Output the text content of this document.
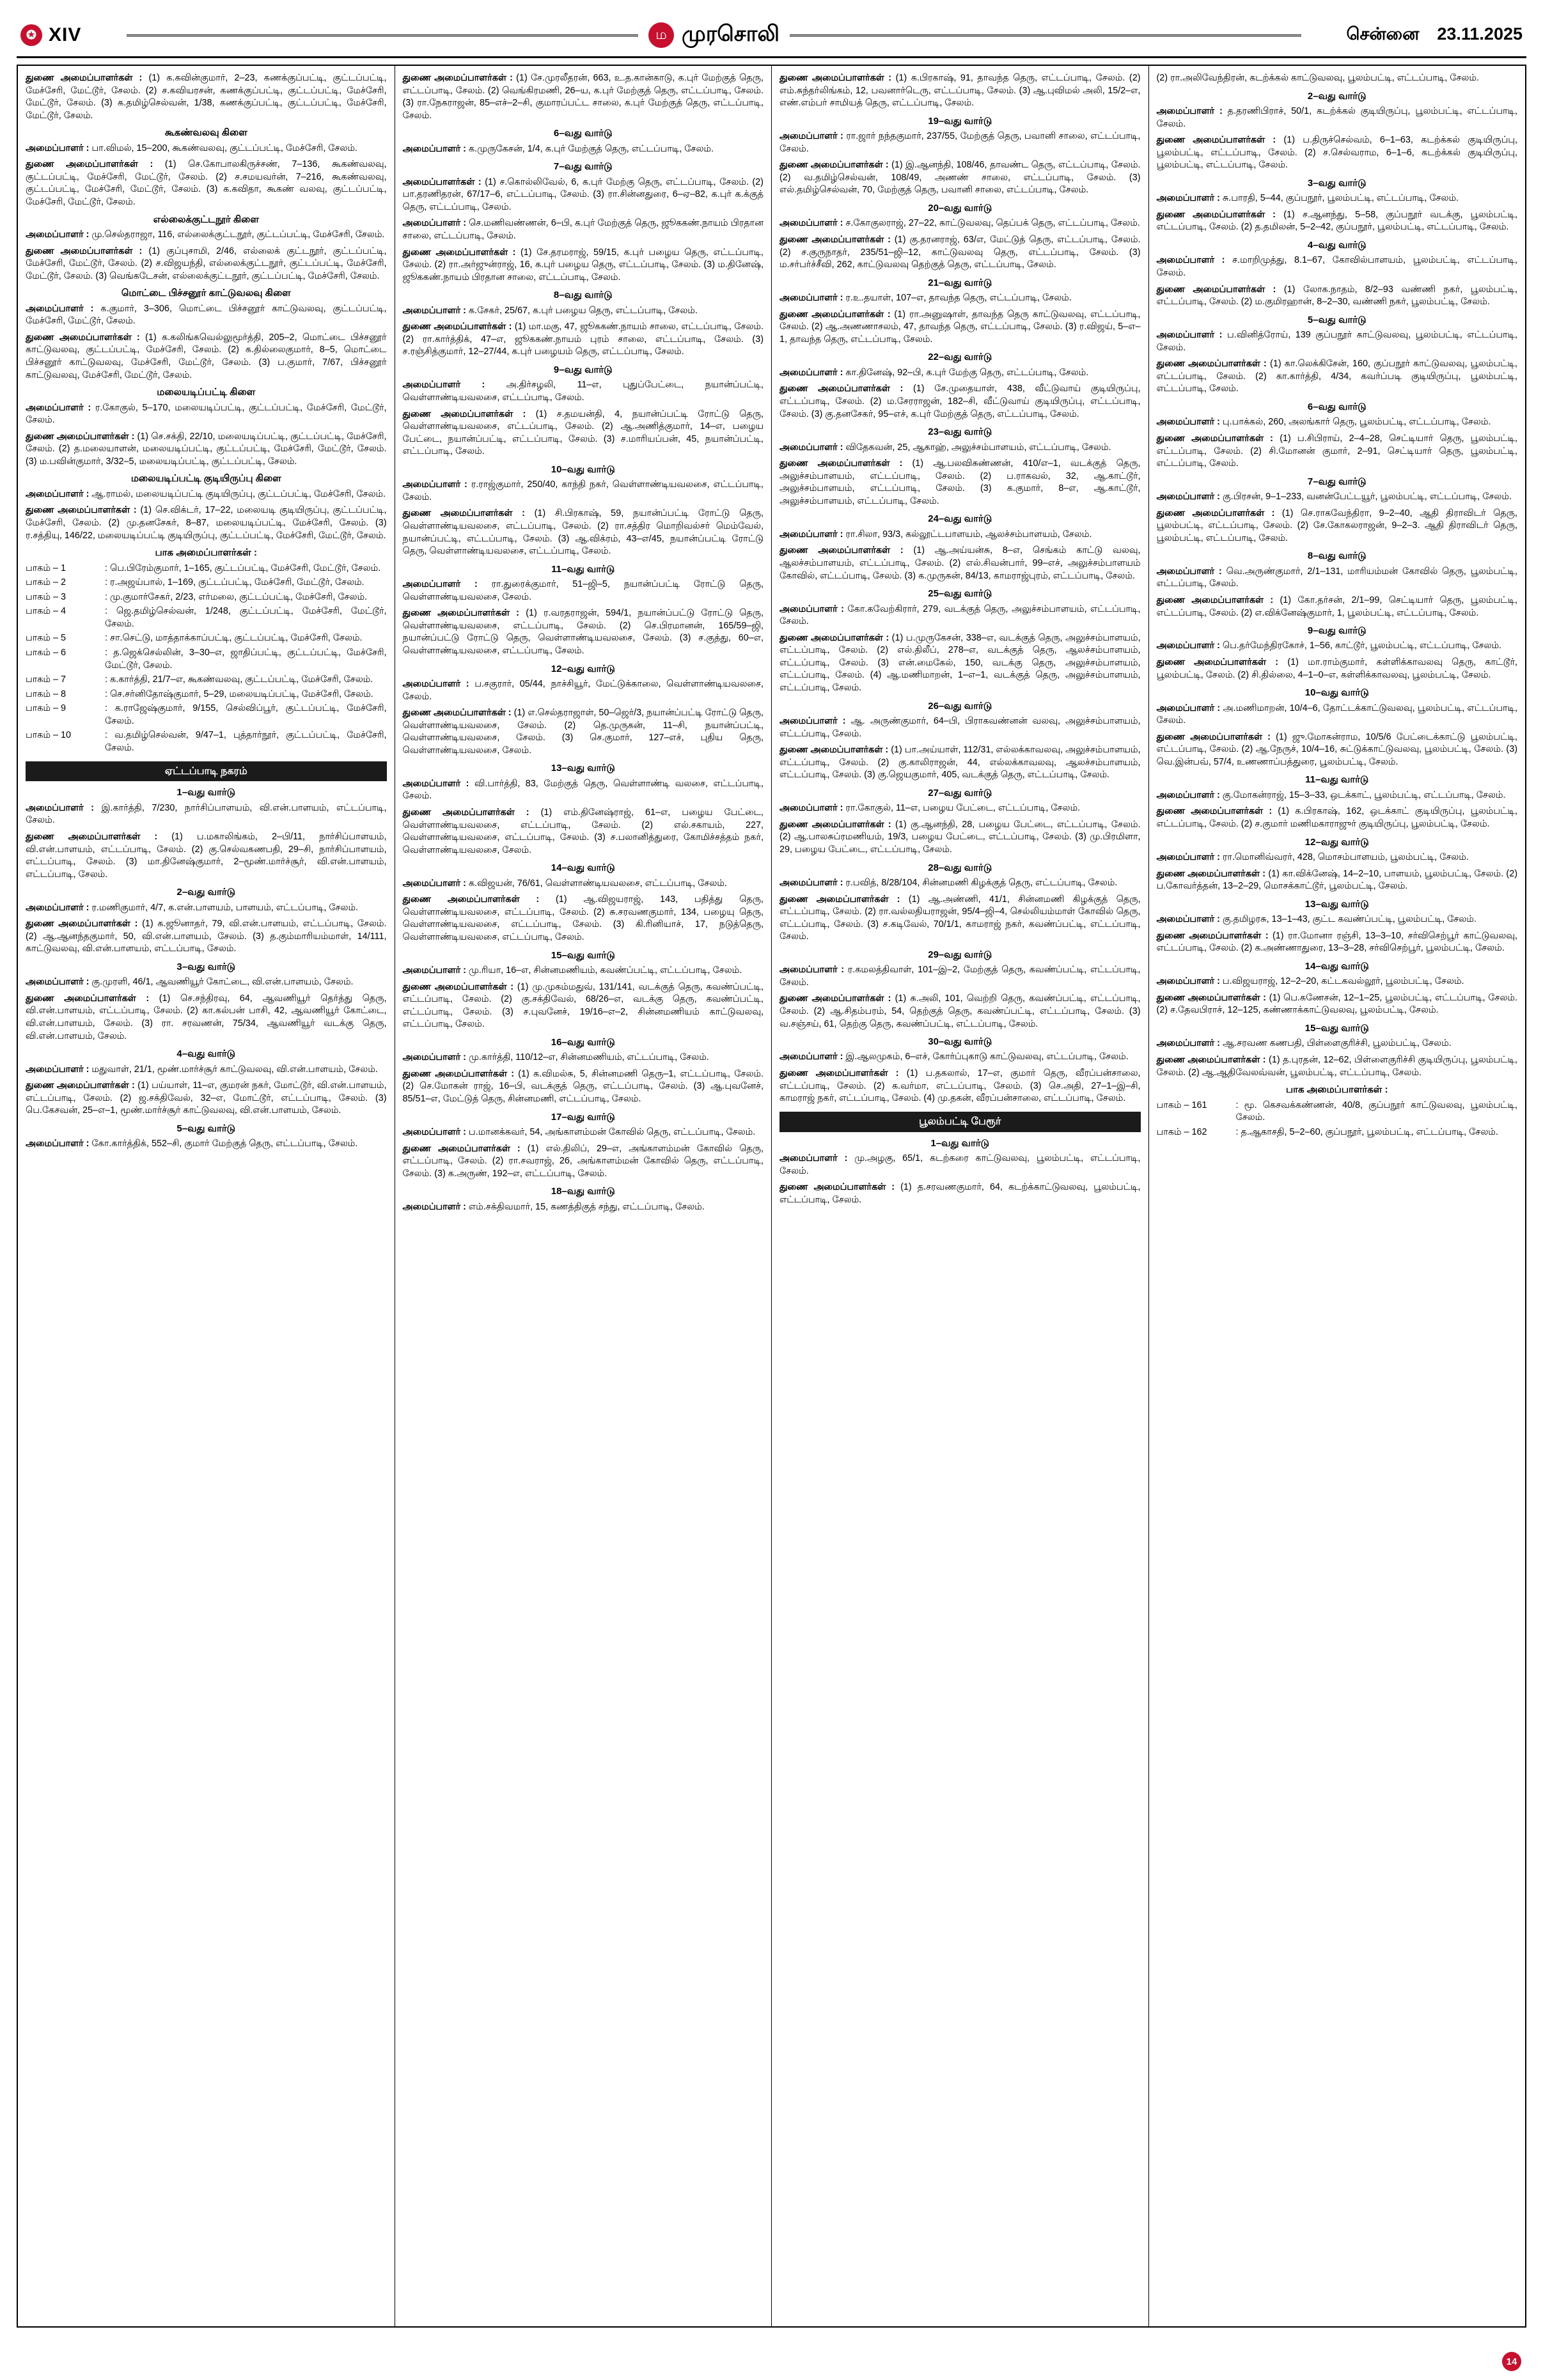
✪ XIV	ம முரசொலி	சென்னை 23.11.2025

துணை அமைப்பாளர்கள் : (1) க.கவின்குமார், 2–23, கணக்குப்பட்டி, குட்டப்பட்டி, மேச்சேரி, மேட்டூர், சேலம். (2) ச.கவியரசன், கணக்குப்பட்டி, குட்டப்பட்டி, மேச்சேரி, மேட்டூர், சேலம். (3) க.தமிழ்செல்வன், 1/38, கணக்குப்பட்டி, குட்டப்பட்டி, மேச்சேரி, மேட்டூர், சேலம்.

கூகண்வலவு கிளை

அமைப்பாளர் : பா.விமல், 15–200, கூகண்வலவு, குட்டப்பட்டி, மேச்சேரி, சேலம்.

துணை அமைப்பாளர்கள் : (1) செ.கோபாலகிருச்சண், 7–136, கூகண்வலவு, குட்டப்பட்டி, மேச்சேரி, மேட்டூர், சேலம். (2) ச.சமயவர்ன், 7–216, கூகண்வலவு, குட்டப்பட்டி, மேச்சேரி, மேட்டூர், சேலம். (3) க.கவிதா, கூகண் வலவு, குட்டப்பட்டி, மேச்சேரி, மேட்டூர், சேலம்.

எல்லைக்குட்டநூர் கிளை

அமைப்பாளர் : மு.செல்தராஜா, 116, எல்லைக்குட்டநூர், குட்டப்பட்டி, மேச்சேரி, சேலம்.

துணை அமைப்பாளர்கள் : (1) குப்புசாமி, 2/46, எல்லைக் குட்டநூர், குட்டப்பட்டி, மேச்சேரி, மேட்டூர், சேலம். (2) ச.விஜயந்தி, எல்லைக்குட்டநூர், குட்டப்பட்டி, மேச்சேரி, மேட்டூர், சேலம். (3) வெங்கடேசன், எல்லைக்குட்டநூர், குட்டப்பட்டி, மேச்சேரி, சேலம்.

மொட்டை பிச்சனூர் காட்டுவலவு கிளை

அமைப்பாளர் : க.குமார், 3–306, மொட்டை பிச்சனூர் காட்டுவலவு, குட்டப்பட்டி, மேச்சேரி, மேட்டூர், சேலம்.

துணை அமைப்பாளர்கள் : (1) க.கலிங்கவெல்லுமூர்த்தி, 205–2, மொட்டை பிச்சனூர் காட்டுவலவு, குட்டப்பட்டி, மேச்சேரி, சேலம். (2) க.தில்லைகுமார், 8–5, மொட்டை பிச்சனூர் காட்டுவலவு, மேச்சேரி, மேட்டூர், சேலம். (3) ப.குமார், 7/67, பிச்சனூர் காட்டுவலவு, மேச்சேரி, மேட்டூர், சேலம்.

மலையடிப்பட்டி கிளை

அமைப்பாளர் : ர.கோகுல், 5–170, மலையடிப்பட்டி, குட்டப்பட்டி, மேச்சேரி, மேட்டூர், சேலம்.

துணை அமைப்பாளர்கள் : (1) செ.சக்தி, 22/10, மலையடிப்பட்டி, குட்டப்பட்டி, மேச்சேரி, சேலம். (2) த.மலையாளன், மலையடிப்பட்டி, குட்டப்பட்டி, மேச்சேரி, மேட்டூர், சேலம். (3) ம.பவின்குமார், 3/32–5, மலையடிப்பட்டி, குட்டப்பட்டி, சேலம்.

மலையடிப்பட்டி குடியிருப்பு கிளை

அமைப்பாளர் : ஆ.ராமல், மலையடிப்பட்டி குடியிருப்பு, குட்டப்பட்டி, மேச்சேரி, சேலம்.

துணை அமைப்பாளர்கள் : (1) செ.விக்டர், 17–22, மலையடி குடியிருப்பு, குட்டப்பட்டி, மேச்சேரி, சேலம். (2) மு.தனசேகர், 8–87, மலையடிப்பட்டி, மேச்சேரி, சேலம். (3) ர.சத்தியு, 146/22, மலையடிப்பட்டி குடியிருப்பு, குட்டப்பட்டி, மேச்சேரி, மேட்டூர், சேலம்.

பாக அமைப்பாளர்கள் :
பாகம் – 1	: பெ.பிரேம்குமார், 1–165, குட்டப்பட்டி, மேச்சேரி, மேட்டூர், சேலம்.
பாகம் – 2	: ர.அஜய்பால், 1–169, குட்டப்பட்டி, மேச்சேரி, மேட்டூர், சேலம்.
பாகம் – 3	: மு.குமார்சேகர், 2/23, எர்மலை, குட்டப்பட்டி, மேச்சேரி, சேலம்.
பாகம் – 4	: ஜெ.தமிழ்செல்வன், 1/248, குட்டப்பட்டி, மேச்சேரி, மேட்டூர், சேலம்.
பாகம் – 5	: சா.செட்டு, மாத்தாக்காப்பட்டி, குட்டப்பட்டி, மேச்சேரி, சேலம்.
பாகம் – 6	: த.ஜெக்செல்லின், 3–30–எ, ஜாதிப்பட்டி, குட்டப்பட்டி, மேச்சேரி, மேட்டூர், சேலம்.
பாகம் – 7	: க.கார்த்தி, 21/7–எ, கூகண்வலவு, குட்டப்பட்டி, மேச்சேரி, சேலம்.
பாகம் – 8	: செ.சர்னிதோஷ்குமார், 5–29, மலையடிப்பட்டி, மேச்சேரி, சேலம்.
பாகம் – 9	: க.ராஜேஷ்குமார், 9/155, செல்விப்பூர், குட்டப்பட்டி, மேச்சேரி, சேலம்.
பாகம் – 10	: வ.தமிழ்செல்வன், 9/47–1, புத்தார்நூர், குட்டப்பட்டி, மேச்சேரி, சேலம்.
ஏட்டப்பாடி நகரம்
1–வது வார்டு

அமைப்பாளர் : இ.கார்த்தி, 7/230, நார்சிப்பாளயம், வி.என்.பாளயம், எட்டப்பாடி, சேலம்.

துணை அமைப்பாளர்கள் : (1) ப.மகாலிங்கம், 2–பி/11, நார்சிப்பாளயம், வி.என்.பாளயம், எட்டப்பாடி, சேலம். (2) கு.செல்வகணபதி, 29–சி, நார்சிப்பாளயம், எட்டப்பாடி, சேலம். (3) மா.தினேஷ்குமார், 2–மூண்.மார்ச்சூர், வி.என்.பாளயம், எட்டப்பாடி, சேலம்.

2–வது வார்டு

அமைப்பாளர் : ர.மணிகுமார், 4/7, க.என்.பாளயம், பாளயம், எட்டப்பாடி, சேலம்.

துணை அமைப்பாளர்கள் : (1) க.ஜூனாதர், 79, வி.என்.பாளயம், எட்டப்பாடி, சேலம். (2) ஆ.ஆனந்தகுமார், 50, வி.என்.பாளயம், சேலம். (3) த.கும்மாரியம்மாள், 14/111, காட்டுவலவு, வி.என்.பாளயம், எட்டப்பாடி, சேலம்.

3–வது வார்டு

அமைப்பாளர் : கு.முரளி, 46/1, ஆவணியூர் கோட்டை, வி.என்.பாளயம், சேலம்.

துணை அமைப்பாளர்கள் : (1) செ.சந்திரவு, 64, ஆவணியூர் தெர்த்து தெரு, வி.என்.பாளயம், எட்டப்பாடி, சேலம். (2) கா.கல்பன் பாசி, 42, ஆவணியூர் கோட்டை, வி.என்.பாளயம், சேலம். (3) ரா. சரவணன், 75/34, ஆவணியூர் வடக்கு தெரு, வி.என்.பாளயம், சேலம்.

4–வது வார்டு

அமைப்பாளர் : மதுவாள், 21/1, மூண்.மார்ச்சூர் காட்டுவலவு, வி.என்.பாளயம், சேலம்.

துணை அமைப்பாளர்கள் : (1) பய்யாள், 11–எ, குமரன் நகர், மோட்டூர், வி.என்.பாளயம், எட்டப்பாடி, சேலம். (2) ஜ.சக்திவேல், 32–எ, மோட்டூர், எட்டப்பாடி, சேலம். (3) பெ.கேசவன், 25–எ–1, மூண்.மார்ச்சூர் காட்டுவலவு, வி.என்.பாளயம், சேலம்.

5–வது வார்டு

அமைப்பாளர் : கோ.கார்த்திக், 552–சி, குமார் மேற்குத் தெரு, எட்டப்பாடி, சேலம்.

துணை அமைப்பாளர்கள் : (1) சே.முரலீதரன், 663, உ.த.கான்காடு, க.புர் மேற்குத் தெரு, எட்டப்பாடி, சேலம். (2) வெங்கிரமணி, 26–ய, க.புர் மேற்குத் தெரு, எட்டப்பாடி, சேலம். (3) ரா.நேகராஜன், 85–எச்–2–சி, குமாரப்பட்ட சாலை, க.புர் மேற்குத் தெரு, எட்டப்பாடி, சேலம்.

6–வது வார்டு

அமைப்பாளர் : க.முருகேசன், 1/4, க.புர் மேற்குத் தெரு, எட்டப்பாடி, சேலம்.

7–வது வார்டு

அமைப்பாளர்கள் : (1) ச.கொல்லிவேல், 6, க.புர் மேற்கு தெரு, எட்டப்பாடி, சேலம். (2) பா.தரணிதரன், 67/17–6, எட்டப்பாடி, சேலம். (3) ரா.சின்னதுரை, 6–ஏ–82, க.புர் க.க்குத் தெரு, எட்டப்பாடி, சேலம்.

அமைப்பாளர் : செ.மணிவண்ணன், 6–பி, க.புர் மேற்குத் தெரு, ஜூககண்.நாயம் பிரதான சாலை, எட்டப்பாடி, சேலம்.

துணை அமைப்பாளர்கள் : (1) சே.தரமராஜ், 59/15, க.புர் பழைய தெரு, எட்டப்பாடி, சேலம். (2) ரா.அர்ஜுன்ராஜ், 16, க.புர் பழைய தெரு, எட்டப்பாடி, சேலம். (3) ம.தினேஷ், ஜூககண்.நாயம் பிரதான சாலை, எட்டப்பாடி, சேலம்.

8–வது வார்டு

அமைப்பாளர் : க.சேகர், 25/67, க.புர் பழைய தெரு, எட்டப்பாடி, சேலம்.

துணை அமைப்பாளர்கள் : (1) மா.மகு, 47, ஜூககண்.நாயம் சாலை, எட்டப்பாடி, சேலம். (2) ரா.கார்த்திக், 47–எ, ஜூககண்.நாயம் புரம் சாலை, எட்டப்பாடி, சேலம். (3) ச.ரஞ்சித்குமார், 12–27/44, க.புர் பழையம் தெரு, எட்டப்பாடி, சேலம்.

9–வது வார்டு

அமைப்பாளர் : அ.திர்சழலி, 11–எ, புதுப்பேட்டை, நயான்ப்பட்டி, வெள்ளாண்டியவலசை, எட்டப்பாடி, சேலம்.

துணை அமைப்பாளர்கள் : (1) ச.தமயன்தி, 4, நயான்ப்பட்டி ரோட்டு தெரு, வெள்ளாண்டியவலசை, எட்டப்பாடி, சேலம். (2) ஆ.அணித்குமார், 14–எ, பழைய பேட்டை, நயான்ப்பட்டி, எட்டப்பாடி, சேலம். (3) ச.மாரியப்பன், 45, நயான்ப்பட்டி, எட்டப்பாடி, சேலம்.

10–வது வார்டு

அமைப்பாளர் : ர.ராஜ்குமார், 250/40, காந்தி நகர், வெள்ளாண்டியவலசை, எட்டப்பாடி, சேலம்.

துணை அமைப்பாளர்கள் : (1) சி.பிரகாஷ், 59, நயான்ப்பட்டி ரோட்டு தெரு, வெள்ளாண்டியவலசை, எட்டப்பாடி, சேலம். (2) ரா.சத்திர மொறிவல்சர் மெம்வேல், நயான்ப்பட்டி, எட்டப்பாடி, சேலம். (3) ஆ.விக்ரம், 43–எ/45, நயான்ப்பட்டி ரோட்டு தெரு, வெள்ளாண்டியவலசை, எட்டப்பாடி, சேலம்.

11–வது வார்டு

அமைப்பாளர் : ரா.துரைக்குமார், 51–ஜி–5, நயான்ப்பட்டி ரோட்டு தெரு, வெள்ளாண்டியவலசை, சேலம்.

துணை அமைப்பாளர்கள் : (1) ர.வரதராஜன், 594/1, நயான்ப்பட்டு ரோட்டு தெரு, வெள்ளாண்டியவலசை, எட்டப்பாடி, சேலம். (2) செ.பிரமானன், 165/59–ஜி, நயான்ப்பட்டு ரோட்டு தெரு, வெள்ளாண்டியவலசை, சேலம். (3) ச.குத்து, 60–எ, வெள்ளாண்டியவலசை, எட்டப்பாடி, சேலம்.

12–வது வார்டு

அமைப்பாளர் : ப.சகுரார், 05/44, நாச்சியூர், மேட்டுக்காலை, வெள்ளாண்டியவலசை, சேலம்.

துணை அமைப்பாளர்கள் : (1) எ.செல்தராஜாள், 50–ஜெர்/3, நயான்ப்பட்டி ரோட்டு தெரு, வெள்ளாண்டியவலசை, சேலம். (2) தெ.முருகன், 11–சி, நயான்ப்பட்டி, வெள்ளாண்டியவலசை, சேலம். (3) செ.குமார், 127–எச், புதிய தெரு, வெள்ளாண்டியவலசை, சேலம்.

13–வது வார்டு

அமைப்பாளர் : வி.பார்த்தி, 83, மேற்குத் தெரு, வெள்ளாண்டி வலசை, எட்டப்பாடி, சேலம்.

துணை அமைப்பாளர்கள் : (1) எம்.தினேஷ்ராஜ், 61–எ, பழைய பேட்டை, வெள்ளாண்டியவலசை, எட்டப்பாடி, சேலம். (2) எல்.சகாயம், 227, வெள்ளாண்டியவலசை, எட்டப்பாடி, சேலம். (3) ச.பலானித்துரை, கோமிச்சத்தம் நகர், வெள்ளாண்டியவலசை, சேலம்.

14–வது வார்டு

அமைப்பாளர் : க.விஜயன், 76/61, வெள்ளாண்டியவலசை, எட்டப்பாடி, சேலம்.

துணை அமைப்பாளர்கள் : (1) ஆ.விஜயராஜ், 143, பதித்து தெரு, வெள்ளாண்டியவலசை, எட்டப்பாடி, சேலம். (2) சு.சரவணகுமார், 134, பழையு தெரு, வெள்ளாண்டியவலசை, எட்டப்பாடி, சேலம். (3) கி.ரினியாச், 17, நடுத்தெரு, வெள்ளாண்டியவலசை, எட்டப்பாடி, சேலம்.

15–வது வார்டு

அமைப்பாளர் : மு.ரியா, 16–எ, சின்னமணியம், கவண்ப்பட்டி, எட்டப்பாடி, சேலம்.

துணை அமைப்பாளர்கள் : (1) மு.முகம்மதுவ், 131/141, வடக்குத் தெரு, கவண்ப்பட்டி, எட்டப்பாடி, சேலம். (2) கு.சக்திவேல், 68/26–எ, வடக்கு தெரு, கவண்ப்பட்டி, எட்டப்பாடி, சேலம். (3) ச.புவனேச், 19/16–எ–2, சின்னமணியம் காட்டுவலவு, எட்டப்பாடி, சேலம்.

16–வது வார்டு

அமைப்பாளர் : மு.கார்த்தி, 110/12–எ, சின்னமணியம், எட்டப்பாடி, சேலம்.

துணை அமைப்பாளர்கள் : (1) க.விமல்சு, 5, சின்னமணி தெரு–1, எட்டப்பாடி, சேலம். (2) செ.மோகன் ராஜ், 16–பி, வடக்குத் தெரு, எட்டப்பாடி, சேலம். (3) ஆ.புவனேச், 85/51–எ, மேட்டுத் தெரு, சின்னமணி, எட்டப்பாடி, சேலம்.

17–வது வார்டு

அமைப்பாளர் : ப.மானக்கவர், 54, அங்காளம்மன் கோவில் தெரு, எட்டப்பாடி, சேலம்.

துணை அமைப்பாளர்கள் : (1) எல்.திலிப், 29–எ, அங்காளம்மன் கோவில் தெரு, எட்டப்பாடி, சேலம். (2) ரா.சவராஜ், 26, அங்காளம்மன் கோவில் தெரு, எட்டப்பாடி, சேலம். (3) க.அருண், 192–எ, எட்டப்பாடி, சேலம்.

18–வது வார்டு

அமைப்பாளர் : எம்.சக்திவமார், 15, கணத்திகுத் சந்து, எட்டப்பாடி, சேலம்.

துணை அமைப்பாளர்கள் : (1) க.பிரகாஷ், 91, தாவந்த தெரு, எட்டப்பாடி, சேலம். (2) எம்.சுந்தர்லிங்கம், 12, பவனார்டெரு, எட்டப்பாடி, சேலம். (3) ஆ.புவிமல் அலி, 15/2–எ, எண்.எம்பர் சாமியத் தெரு, எட்டப்பாடி, சேலம்.

19–வது வார்டு

அமைப்பாளர் : ரா.ஜார் நந்தகுமார், 237/55, மேற்குத் தெரு, பவானி சாலை, எட்டப்பாடி, சேலம்.

துணை அமைப்பாளர்கள் : (1) இ.ஆனந்தி, 108/46, தாவண்ட தெரு, எட்டப்பாடி, சேலம். (2) வ.தமிழ்செல்வன், 108/49, அணண் சாலை, எட்டப்பாடி, சேலம். (3) எல்.தமிழ்செல்வன், 70, மேற்குத் தெரு, பவானி சாலை, எட்டப்பாடி, சேலம்.

20–வது வார்டு

அமைப்பாளர் : ச.கோகுலராஜ், 27–22, காட்டுவலவு, தெப்பக் தெரு, எட்டப்பாடி, சேலம்.

துணை அமைப்பாளர்கள் : (1) கு.தரனராஜ், 63/எ, மேட்டுத் தெரு, எட்டப்பாடி, சேலம். (2) ச.குருநாதர், 235/51–ஜி–12, காட்டுவலவு தெரு, எட்டப்பாடி, சேலம். (3) ம.சர்பர்ச்சீவி, 262, காட்டுவலவு தெற்குத் தெரு, எட்டப்பாடி, சேலம்.

21–வது வார்டு

அமைப்பாளர் : ர.உ.தயாள், 107–எ, தாவந்த தெரு, எட்டப்பாடி, சேலம்.

துணை அமைப்பாளர்கள் : (1) ரா.அனுஷாள், தாவந்த தெரு காட்டுவலவு, எட்டப்பாடி, சேலம். (2) ஆ.அணணாசலம், 47, தாவந்த தெரு, எட்டப்பாடி, சேலம். (3) ர.விஜய், 5–எ–1, தாவந்த தெரு, எட்டப்பாடி, சேலம்.

22–வது வார்டு

அமைப்பாளர் : கா.தினேஷ், 92–பி, க.புர் மேற்கு தெரு, எட்டப்பாடி, சேலம்.

துணை அமைப்பாளர்கள் : (1) சே.முதையாள், 438, வீட்டுவாய் குடியிருப்பு, எட்டப்பாடி, சேலம். (2) ம.சேரராஜன், 182–சி, வீட்டுவாய் குடியிருப்பு, எட்டப்பாடி, சேலம். (3) கு.தனசேகர், 95–எச், க.புர் மேற்குத் தெரு, எட்டப்பாடி, சேலம்.

23–வது வார்டு

அமைப்பாளர் : விதேகவன், 25, ஆகாஹ், அலுச்சம்பாளயம், எட்டப்பாடி, சேலம்.

துணை அமைப்பாளர்கள் : (1) ஆ.பலவிசுண்ணன், 410/எ–1, வடக்குத் தெரு, அலுச்சம்பாளயம், எட்டப்பாடி, சேலம். (2) ப.ராகவல், 32, ஆ.காட்டூர், அலுச்சம்பாளயம், எட்டப்பாடி, சேலம். (3) க.குமார், 8–எ, ஆ.காட்டூர், அலுச்சம்பாளயம், எட்டப்பாடி, சேலம்.

24–வது வார்டு

அமைப்பாளர் : ரா.சிலா, 93/3, கல்லூட்டபாளயம், ஆலச்சம்பாளயம், சேலம்.

துணை அமைப்பாளர்கள் : (1) ஆ.அய்யன்சு, 8–எ, செங்கம் காட்டு வலவு, ஆலச்சம்பாளயம், எட்டப்பாடி, சேலம். (2) எல்.சிவன்பார், 99–எச், அலுச்சம்பாளயம் கோவில், எட்டப்பாடி, சேலம். (3) க.முருகன், 84/13, காமராஜ்புரம், எட்டப்பாடி, சேலம்.

25–வது வார்டு

அமைப்பாளர் : கோ.கவேற்கிரார், 279, வடக்குத் தெரு, அலுச்சம்பாளயம், எட்டப்பாடி, சேலம்.

துணை அமைப்பாளர்கள் : (1) ப.முருகேசன், 338–எ, வடக்குத் தெரு, அலுச்சம்பாளயம், எட்டப்பாடி, சேலம். (2) எல்.திலீப், 278–எ, வடக்குத் தெரு, ஆலச்சம்பாளயம், எட்டப்பாடி, சேலம். (3) என்.மைகேல், 150, வடக்கு தெரு, அலுச்சம்பாளயம், எட்டப்பாடி, சேலம். (4) ஆ.மணிமாறன், 1–எ–1, வடக்குத் தெரு, அலுச்சம்பாளயம், எட்டப்பாடி, சேலம்.

26–வது வார்டு

அமைப்பாளர் : ஆ. அருண்குமார், 64–பி, பிராகவண்னன் வலவு, அலுச்சம்பாளயம், எட்டப்பாடி, சேலம்.

துணை அமைப்பாளர்கள் : (1) பா.அய்யாள், 112/31, எல்லக்காவலவு, அலுச்சம்பாளயம், எட்டப்பாடி, சேலம். (2) கு.காலிராஜன், 44, எல்லக்காவலவு, ஆலச்சம்பாளயம், எட்டப்பாடி, சேலம். (3) கு.ஜெயகுமார், 405, வடக்குத் தெரு, எட்டப்பாடி, சேலம்.

27–வது வார்டு

அமைப்பாளர் : ரா.கோகுல், 11–எ, பழைய பேட்டை, எட்டப்பாடி, சேலம்.

துணை அமைப்பாளர்கள் : (1) கு.ஆனந்தி, 28, பழைய பேட்டை, எட்டப்பாடி, சேலம். (2) ஆ.பாலசுப்ரமணியம், 19/3, பழைய பேட்டை, எட்டப்பாடி, சேலம். (3) மு.பிரமிளா, 29, பழைய பேட்டை, எட்டப்பாடி, சேலம்.

28–வது வார்டு

அமைப்பாளர் : ர.பவித், 8/28/104, சின்னமணி கிழக்குத் தெரு, எட்டப்பாடி, சேலம்.

துணை அமைப்பாளர்கள் : (1) ஆ.அண்ணி, 41/1, சின்னமணி கிழக்குத் தெரு, எட்டப்பாடி, சேலம். (2) ரா.வல்லதியராஜன், 95/4–ஜி–4, செல்லியம்மாள் கோவில் தெரு, எட்டப்பாடி, சேலம். (3) ச.கடிவேல், 70/1/1, காமராஜ் நகர், கவண்ப்பட்டி, எட்டப்பாடி, சேலம்.

29–வது வார்டு

அமைப்பாளர் : ர.கமலத்திவாள், 101–இ–2, மேற்குத் தெரு, கவண்ப்பட்டி, எட்டப்பாடி, சேலம்.

துணை அமைப்பாளர்கள் : (1) சு.அலி, 101, வெற்றி தெரு, கவண்ப்பட்டி, எட்டப்பாடி, சேலம். (2) ஆ.சிதம்பரம், 54, தெற்குத் தெரு, கவண்ப்பட்டி, எட்டப்பாடி, சேலம். (3) வ.சஞ்சய், 61, தெற்கு தெரு, கவண்ப்பட்டி, எட்டப்பாடி, சேலம்.

30–வது வார்டு

அமைப்பாளர் : இ.ஆலமுகம், 6–எச், கோர்ப்புகாடு காட்டுவலவு, எட்டப்பாடி, சேலம்.

துணை அமைப்பாளர்கள் : (1) ப.தகலால், 17–எ, குமார் தெரு, வீரப்பன்சாலை, எட்டப்பாடி, சேலம். (2) க.வர்மா, எட்டப்பாடி, சேலம். (3) செ.அதி, 27–1–இ–சி, காமராஜ் நகர், எட்டப்பாடி, சேலம். (4) மு.தகன், வீரப்பன்சாலை, எட்டப்பாடி, சேலம்.

பூலம்பட்டி பேரூர்
1–வது வார்டு

அமைப்பாளர் : மு.அழகு, 65/1, கடற்கரை காட்டுவலவு, பூலம்பட்டி, எட்டப்பாடி, சேலம்.

துணை அமைப்பாளர்கள் : (1) த.சரவணகுமார், 64, கடற்க்காட்டுவலவு, பூலம்பட்டி, எட்டப்பாடி, சேலம்.

(2) ரா.அலிவேந்திரன், கடற்க்கல் காட்டுவலவு, பூலம்பட்டி, எட்டப்பாடி, சேலம்.

2–வது வார்டு

அமைப்பாளர் : த.தரணிபிராச், 50/1, கடற்க்கல் குடியிருப்பு, பூலம்பட்டி, எட்டப்பாடி, சேலம்.

துணை அமைப்பாளர்கள் : (1) ப.திருச்செல்வம், 6–1–63, கடற்க்கல் குடியிருப்பு, பூலம்பட்டி, எட்டப்பாடி, சேலம். (2) ச.செல்வராம, 6–1–6, கடற்க்கல் குடியிருப்பு, பூலம்பட்டி, எட்டப்பாடி, சேலம்.

3–வது வார்டு

அமைப்பாளர் : சு.பாரதி, 5–44, குப்பநூர், பூலம்பட்டி, எட்டப்பாடி, சேலம்.

துணை அமைப்பாளர்கள் : (1) ச.ஆனந்து, 5–58, குப்பநூர் வடக்கு, பூலம்பட்டி, எட்டப்பாடி, சேலம். (2) த.தமிலன், 5–2–42, குப்பநூர், பூலம்பட்டி, எட்டப்பாடி, சேலம்.

4–வது வார்டு

அமைப்பாளர் : ச.மாறிமுத்து, 8.1–67, கோவில்பாளயம், பூலம்பட்டி, எட்டப்பாடி, சேலம்.

துணை அமைப்பாளர்கள் : (1) லோக.நாதம், 8/2–93 வண்ணி நகர், பூலம்பட்டி, எட்டப்பாடி, சேலம். (2) ம.குமிரஹான், 8–2–30, வண்ணி நகர், பூலம்பட்டி, சேலம்.

5–வது வார்டு

அமைப்பாளர் : ப.வினித்ரோய், 139 குப்பநூர் காட்டுவலவு, பூலம்பட்டி, எட்டப்பாடி, சேலம்.

துணை அமைப்பாளர்கள் : (1) கா.லெக்கிசேன், 160, குப்பநூர் காட்டுவலவு, பூலம்பட்டி, எட்டப்பாடி, சேலம். (2) கா.கார்த்தி, 4/34, கவர்ப்படி குடியிருப்பு, பூலம்பட்டி, எட்டப்பாடி, சேலம்.

6–வது வார்டு

அமைப்பாளர் : பு.பாக்கல், 260, அலங்கார் தெரு, பூலம்பட்டி, எட்டப்பாடி, சேலம்.

துணை அமைப்பாளர்கள் : (1) ப.சிபிராய், 2–4–28, செட்டியார் தெரு, பூலம்பட்டி, எட்டப்பாடி, சேலம். (2) சி.மோனன் குமார், 2–91, செட்டியார் தெரு, பூலம்பட்டி, எட்டப்பாடி, சேலம்.

7–வது வார்டு

அமைப்பாளர் : கு.பிரசன், 9–1–233, வனன்பேட்டயூர், பூலம்பட்டி, எட்டப்பாடி, சேலம்.

துணை அமைப்பாளர்கள் : (1) செ.ராகவேந்திரா, 9–2–40, ஆதி திராவிடர் தெரு, பூலம்பட்டி, எட்டப்பாடி, சேலம். (2) சே.கோகலராஜன், 9–2–3. ஆதி திராவிடர் தெரு, பூலம்பட்டி, எட்டப்பாடி, சேலம்.

8–வது வார்டு

அமைப்பாளர் : வெ.அருண்குமார், 2/1–131, மாரியம்மன் கோவில் தெரு, பூலம்பட்டி, எட்டப்பாடி, சேலம்.

துணை அமைப்பாளர்கள் : (1) கோ.தர்சன், 2/1–99, செட்டியார் தெரு, பூலம்பட்டி, எட்டப்பாடி, சேலம். (2) எ.விக்னேஷ்குமார், 1, பூலம்பட்டி, எட்டப்பாடி, சேலம்.

9–வது வார்டு

அமைப்பாளர் : பெ.தர்மேந்திரகோச், 1–56, காட்டூர், பூலம்பட்டி, எட்டப்பாடி, சேலம்.

துணை அமைப்பாளர்கள் : (1) மா.ராம்குமார், கள்ளிக்காவலவு தெரு, காட்டூர், பூலம்பட்டி, சேலம். (2) சி.தில்லை, 4–1–0–எ, கள்ளிக்காவலவு, பூலம்பட்டி, சேலம்.

10–வது வார்டு

அமைப்பாளர் : அ.மணிமாறன், 10/4–6, தோட்டக்காட்டுவலவு, பூலம்பட்டி, எட்டப்பாடி, சேலம்.

துணை அமைப்பாளர்கள் : (1) ஜு.மோகன்ராம, 10/5/6 பேட்டைக்காட்டு பூலம்பட்டி, எட்டப்பாடி, சேலம். (2) ஆ.நேருச், 10/4–16, சுட்டுக்காட்டுவலவு, பூலம்பட்டி, சேலம். (3) வெ.இன்பவ், 57/4, உணணாப்பத்துரை, பூலம்பட்டி, சேலம்.

11–வது வார்டு

அமைப்பாளர் : கு.மோகன்ராஜ், 15–3–33, ஒடக்காட், பூலம்பட்டி, எட்டப்பாடி, சேலம்.

துணை அமைப்பாளர்கள் : (1) க.பிரகாஷ், 162, ஒடக்காட் குடியிருப்பு, பூலம்பட்டி, எட்டப்பாடி, சேலம். (2) ச.குமார் மணிமகாராஜுர் குடியிருப்பு, பூலம்பட்டி, சேலம்.

12–வது வார்டு

அமைப்பாளர் : ரா.மொனிவ்வரர், 428, மொசம்பாளயம், பூலம்பட்டி, சேலம்.

துணை அமைப்பாளர்கள் : (1) கா.விக்னேஷ், 14–2–10, பாளயம், பூலம்பட்டி, சேலம். (2) ப.கோவர்த்தன், 13–2–29, மொசக்காட்டூர், பூலம்பட்டி, சேலம்.

13–வது வார்டு

அமைப்பாளர் : கு.தமிழரசு, 13–1–43, குட்ட கவண்ப்பட்டி, பூலம்பட்டி, சேலம்.

துணை அமைப்பாளர்கள் : (1) ரா.மோனா ரஞ்சி, 13–3–10, சர்விசெற்பூர் காட்டுவலவு, எட்டப்பாடி, சேலம். (2) க.அண்ணாதுரை, 13–3–28, சர்விசெற்பூர், பூலம்பட்டி, சேலம்.

14–வது வார்டு

அமைப்பாளர் : ப.விஜயராஜ், 12–2–20, கட்டகவல்லூர், பூலம்பட்டி, சேலம்.

துணை அமைப்பாளர்கள் : (1) பெ.கணேசன், 12–1–25, பூலம்பட்டி, எட்டப்பாடி, சேலம். (2) ச.தேவபிராச், 12–125, கண்ணாக்காட்டுவலவு, பூலம்பட்டி, சேலம்.

15–வது வார்டு

அமைப்பாளர் : ஆ.சரவண கணபதி, பிள்ளைகுரிச்சி, பூலம்பட்டி, சேலம்.

துணை அமைப்பாளர்கள் : (1) த.புரதன், 12–62, பிள்ளைகுரிச்சி குடியிருப்பு, பூலம்பட்டி, சேலம். (2) ஆ.ஆதிவேலவ்வன், பூலம்பட்டி, எட்டப்பாடி, சேலம்.

பாக அமைப்பாளர்கள் :
பாகம் – 161	: மூ. கெசவக்கண்ணன், 40/8, குப்பநூர் காட்டுவலவு, பூலம்பட்டி, சேலம்.
பாகம் – 162	: த.ஆகாசதி, 5–2–60, குப்பநூர், பூலம்பட்டி, எட்டப்பாடி, சேலம்.
14
